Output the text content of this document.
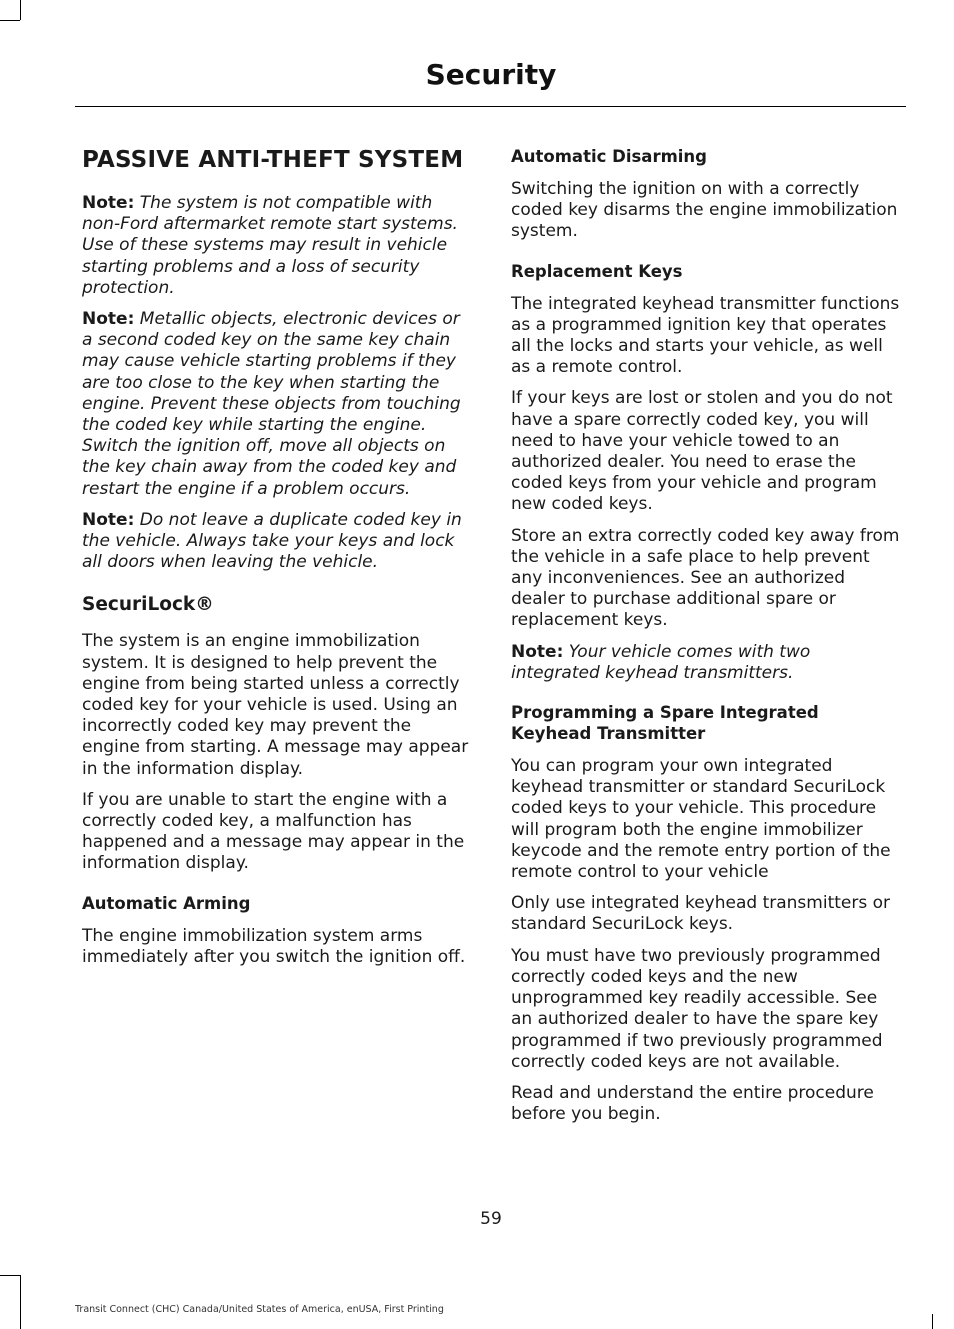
Security
PASSIVE ANTI-THEFT SYSTEM
Note: The system is not compatible with non-Ford aftermarket remote start systems. Use of these systems may result in vehicle starting problems and a loss of security protection.
Note: Metallic objects, electronic devices or a second coded key on the same key chain may cause vehicle starting problems if they are too close to the key when starting the engine. Prevent these objects from touching the coded key while starting the engine. Switch the ignition off, move all objects on the key chain away from the coded key and restart the engine if a problem occurs.
Note: Do not leave a duplicate coded key in the vehicle. Always take your keys and lock all doors when leaving the vehicle.
SecuriLock®

The system is an engine immobilization system. It is designed to help prevent the engine from being started unless a correctly coded key for your vehicle is used. Using an incorrectly coded key may prevent the engine from starting. A message may appear in the information display.

If you are unable to start the engine with a correctly coded key, a malfunction has happened and a message may appear in the information display.

Automatic Arming

The engine immobilization system arms immediately after you switch the ignition off.

Automatic Disarming

Switching the ignition on with a correctly coded key disarms the engine immobilization system.

Replacement Keys

The integrated keyhead transmitter functions as a programmed ignition key that operates all the locks and starts your vehicle, as well as a remote control.

If your keys are lost or stolen and you do not have a spare correctly coded key, you will need to have your vehicle towed to an authorized dealer. You need to erase the coded keys from your vehicle and program new coded keys.

Store an extra correctly coded key away from the vehicle in a safe place to help prevent any inconveniences. See an authorized dealer to purchase additional spare or replacement keys.

Note: Your vehicle comes with two integrated keyhead transmitters.
Programming a Spare Integrated Keyhead Transmitter

You can program your own integrated keyhead transmitter or standard SecuriLock coded keys to your vehicle. This procedure will program both the engine immobilizer keycode and the remote entry portion of the remote control to your vehicle

Only use integrated keyhead transmitters or standard SecuriLock keys.

You must have two previously programmed correctly coded keys and the new unprogrammed key readily accessible. See an authorized dealer to have the spare key programmed if two previously programmed correctly coded keys are not available.

Read and understand the entire procedure before you begin.

59
Transit Connect (CHC) Canada/United States of America, enUSA, First Printing
